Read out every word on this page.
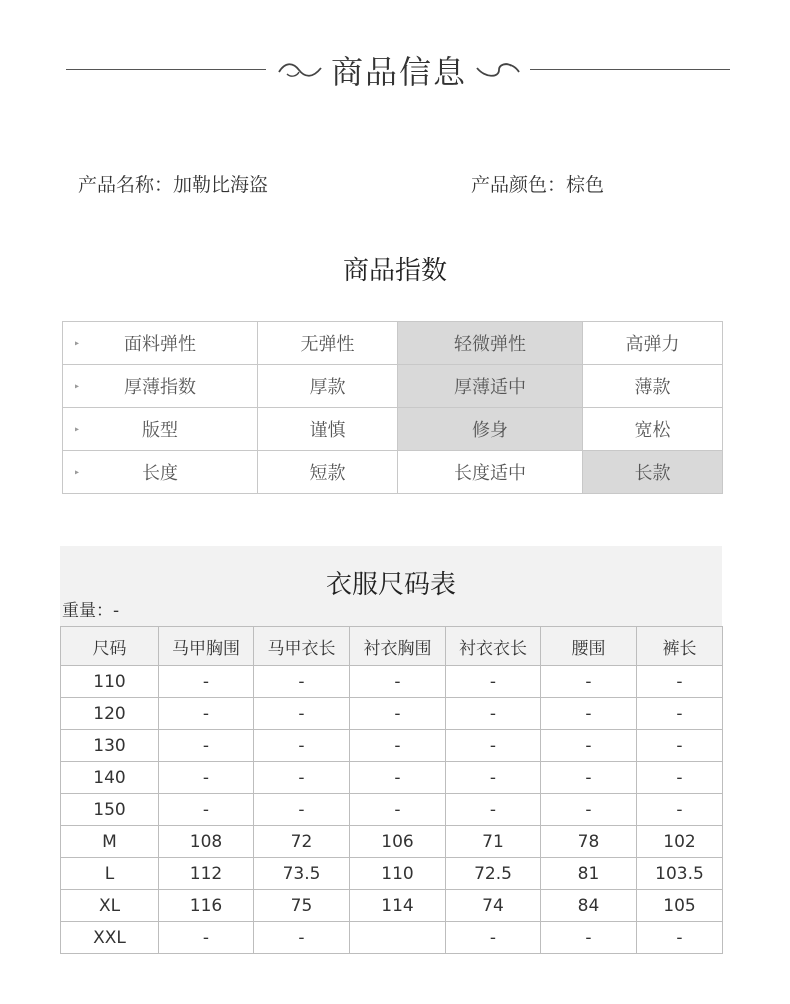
商品信息
产品名称：加勒比海盗	产品颜色：棕色
商品指数
▸ 面料弹性	无弹性	轻微弹性	高弹力

▸ 厚薄指数	厚款	厚薄适中	薄款

▸ 版型	谨慎	修身	宽松

▸ 长度	短款	长度适中	长款
衣服尺码表
重量：-
尺码	马甲胸围	马甲衣长	衬衣胸围	衬衣衣长	腰围	裤长
110	-	-	-	-	-	-
120	-	-	-	-	-	-
130	-	-	-	-	-	-
140	-	-	-	-	-	-
150	-	-	-	-	-	-
M	108	72	106	71	78	102
L	112	73.5	110	72.5	81	103.5
XL	116	75	114	74	84	105
XXL	-	-		-	-	-
